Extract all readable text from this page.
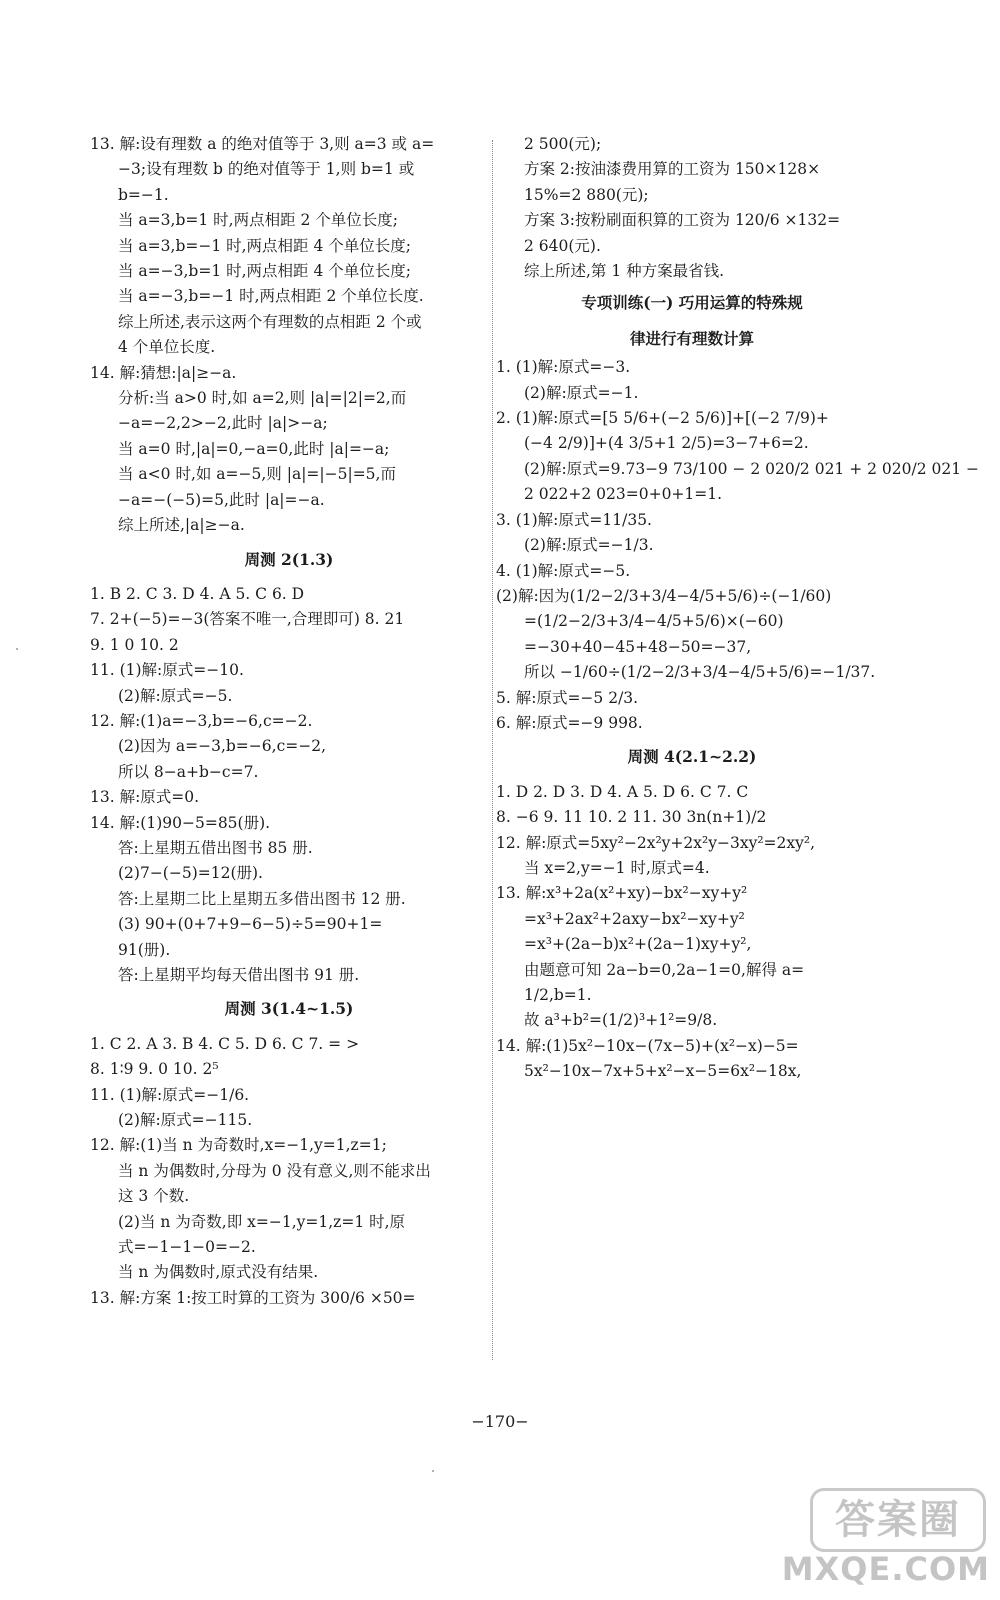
13. 解:设有理数 a 的绝对值等于 3,则 a=3 或 a=
−3;设有理数 b 的绝对值等于 1,则 b=1 或
b=−1.
当 a=3,b=1 时,两点相距 2 个单位长度;
当 a=3,b=−1 时,两点相距 4 个单位长度;
当 a=−3,b=1 时,两点相距 4 个单位长度;
当 a=−3,b=−1 时,两点相距 2 个单位长度.
综上所述,表示这两个有理数的点相距 2 个或
4 个单位长度.
14. 解:猜想:|a|≥−a.
分析:当 a>0 时,如 a=2,则 |a|=|2|=2,而
−a=−2,2>−2,此时 |a|>−a;
当 a=0 时,|a|=0,−a=0,此时 |a|=−a;
当 a<0 时,如 a=−5,则 |a|=|−5|=5,而
−a=−(−5)=5,此时 |a|=−a.
综上所述,|a|≥−a.
周测 2(1.3)
1. B 2. C 3. D 4. A 5. C 6. D
7. 2+(−5)=−3(答案不唯一,合理即可) 8. 21
9. 1 0 10. 2
11. (1)解:原式=−10.
(2)解:原式=−5.
12. 解:(1)a=−3,b=−6,c=−2.
(2)因为 a=−3,b=−6,c=−2,
所以 8−a+b−c=7.
13. 解:原式=0.
14. 解:(1)90−5=85(册).
答:上星期五借出图书 85 册.
(2)7−(−5)=12(册).
答:上星期二比上星期五多借出图书 12 册.
(3) 90+(0+7+9−6−5)÷5=90+1=
91(册).
答:上星期平均每天借出图书 91 册.
周测 3(1.4~1.5)
1. C 2. A 3. B 4. C 5. D 6. C 7. = >
8. 1∶9 9. 0 10. 2⁵
11. (1)解:原式=−1/6.
(2)解:原式=−115.
12. 解:(1)当 n 为奇数时,x=−1,y=1,z=1;
当 n 为偶数时,分母为 0 没有意义,则不能求出
这 3 个数.
(2)当 n 为奇数,即 x=−1,y=1,z=1 时,原
式=−1−1−0=−2.
当 n 为偶数时,原式没有结果.
13. 解:方案 1:按工时算的工资为 300/6 ×50=
2 500(元);
方案 2:按油漆费用算的工资为 150×128×
15%=2 880(元);
方案 3:按粉刷面积算的工资为 120/6 ×132=
2 640(元).
综上所述,第 1 种方案最省钱.
专项训练(一) 巧用运算的特殊规
律进行有理数计算
1. (1)解:原式=−3.
(2)解:原式=−1.
2. (1)解:原式=[5 5/6+(−2 5/6)]+[(−2 7/9)+
(−4 2/9)]+(4 3/5+1 2/5)=3−7+6=2.
(2)解:原式=9.73−9 73/100 − 2 020/2 021 + 2 020/2 021 −
2 022+2 023=0+0+1=1.
3. (1)解:原式=11/35.
(2)解:原式=−1/3.
4. (1)解:原式=−5.
(2)解:因为(1/2−2/3+3/4−4/5+5/6)÷(−1/60)
=(1/2−2/3+3/4−4/5+5/6)×(−60)
=−30+40−45+48−50=−37,
所以 −1/60÷(1/2−2/3+3/4−4/5+5/6)=−1/37.
5. 解:原式=−5 2/3.
6. 解:原式=−9 998.
周测 4(2.1~2.2)
1. D 2. D 3. D 4. A 5. D 6. C 7. C
8. −6 9. 11 10. 2 11. 30 3n(n+1)/2
12. 解:原式=5xy²−2x²y+2x²y−3xy²=2xy²,
当 x=2,y=−1 时,原式=4.
13. 解:x³+2a(x²+xy)−bx²−xy+y²
=x³+2ax²+2axy−bx²−xy+y²
=x³+(2a−b)x²+(2a−1)xy+y²,
由题意可知 2a−b=0,2a−1=0,解得 a=
1/2,b=1.
故 a³+b²=(1/2)³+1²=9/8.
14. 解:(1)5x²−10x−(7x−5)+(x²−x)−5=
5x²−10x−7x+5+x²−x−5=6x²−18x,
−170−
答案圈
MXQE.COM
